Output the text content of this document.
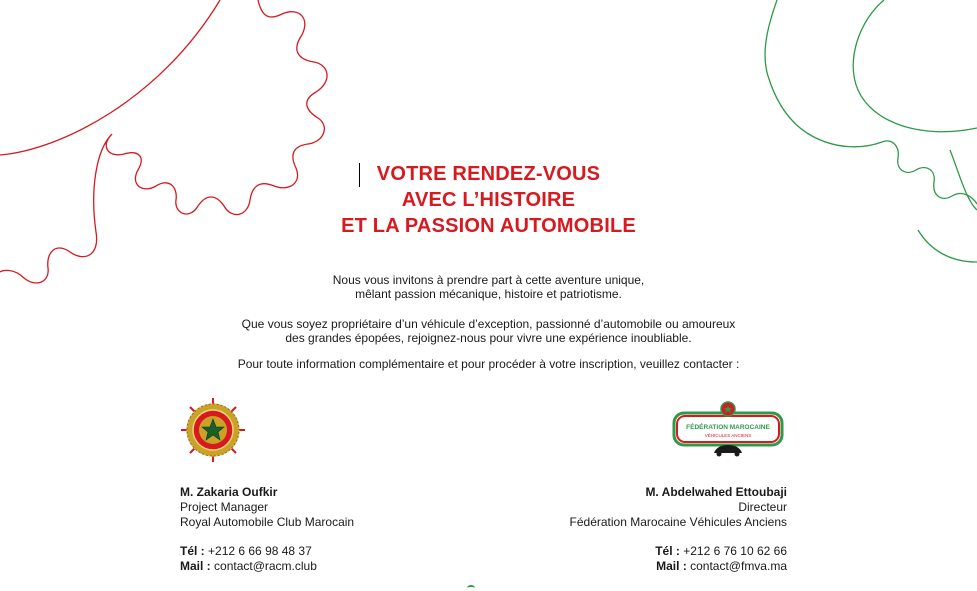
VOTRE RENDEZ-VOUS
AVEC L’HISTOIRE
ET LA PASSION AUTOMOBILE
Nous vous invitons à prendre part à cette aventure unique,
mêlant passion mécanique, histoire et patriotisme.
Que vous soyez propriétaire d’un véhicule d’exception, passionné d’automobile ou amoureux
des grandes épopées, rejoignez-nous pour vivre une expérience inoubliable.
Pour toute information complémentaire et pour procéder à votre inscription, veuillez contacter :
FÉDÉRATION MAROCAINE
VÉHICULES ANCIENS
M. Zakaria Oufkir
Project Manager
Royal Automobile Club Marocain
Tél : +212 6 66 98 48 37
Mail : contact@racm.club
M. Abdelwahed Ettoubaji
Directeur
Fédération Marocaine Véhicules Anciens
Tél : +212 6 76 10 62 66
Mail : contact@fmva.ma
